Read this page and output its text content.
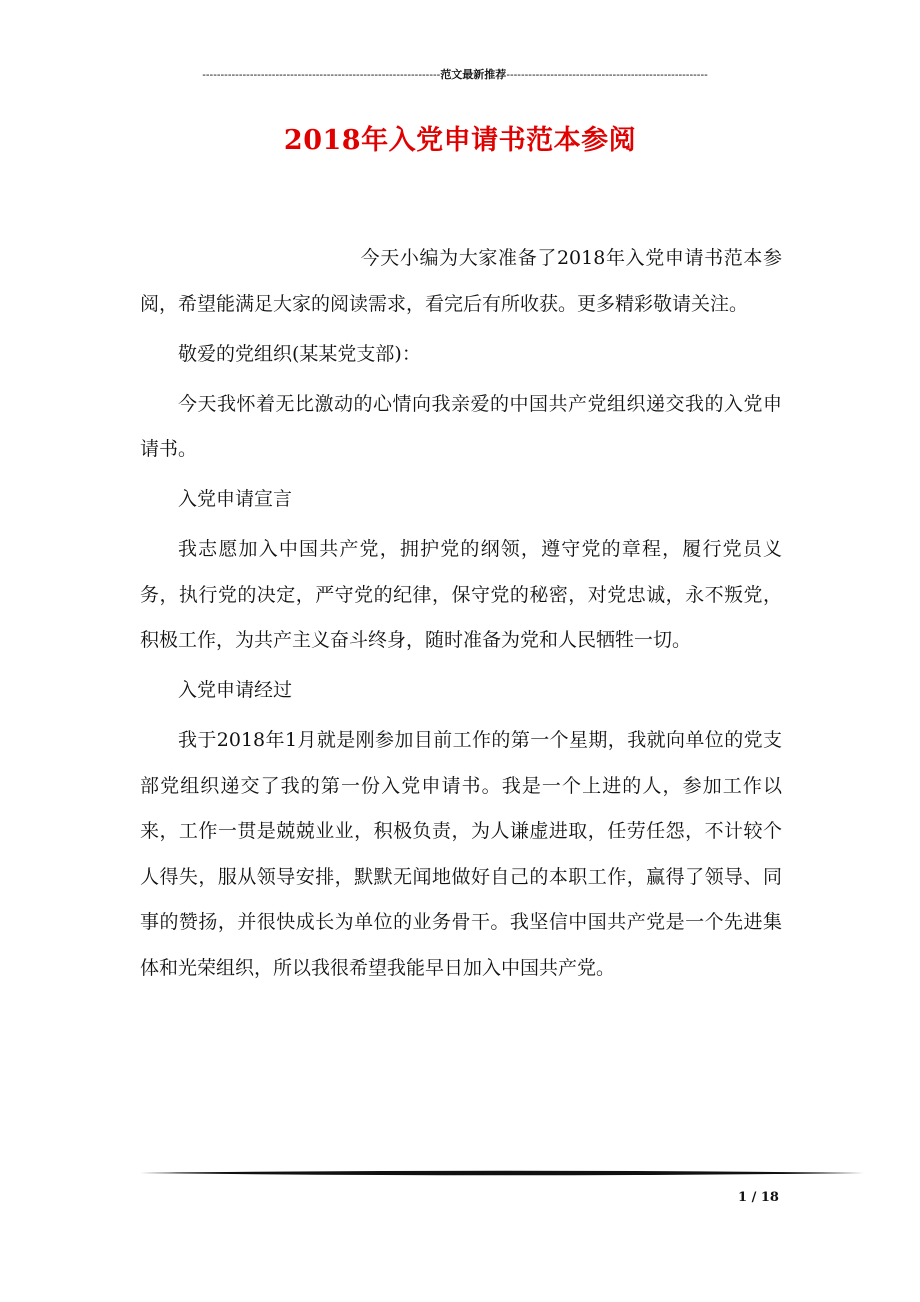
-----------------------------------------------------------------范文最新推荐-------------------------------------------------------
2018年入党申请书范本参阅

今天小编为大家准备了2018年入党申请书范本参阅，希望能满足大家的阅读需求，看完后有所收获。更多精彩敬请关注。

敬爱的党组织(某某党支部)：

今天我怀着无比激动的心情向我亲爱的中国共产党组织递交我的入党申请书。

入党申请宣言

我志愿加入中国共产党，拥护党的纲领，遵守党的章程，履行党员义务，执行党的决定，严守党的纪律，保守党的秘密，对党忠诚，永不叛党，积极工作，为共产主义奋斗终身，随时准备为党和人民牺牲一切。

入党申请经过

我于2018年1月就是刚参加目前工作的第一个星期，我就向单位的党支部党组织递交了我的第一份入党申请书。我是一个上进的人，参加工作以来，工作一贯是兢兢业业，积极负责，为人谦虚进取，任劳任怨，不计较个人得失，服从领导安排，默默无闻地做好自己的本职工作，赢得了领导、同事的赞扬，并很快成长为单位的业务骨干。我坚信中国共产党是一个先进集体和光荣组织，所以我很希望我能早日加入中国共产党。

1 / 18
